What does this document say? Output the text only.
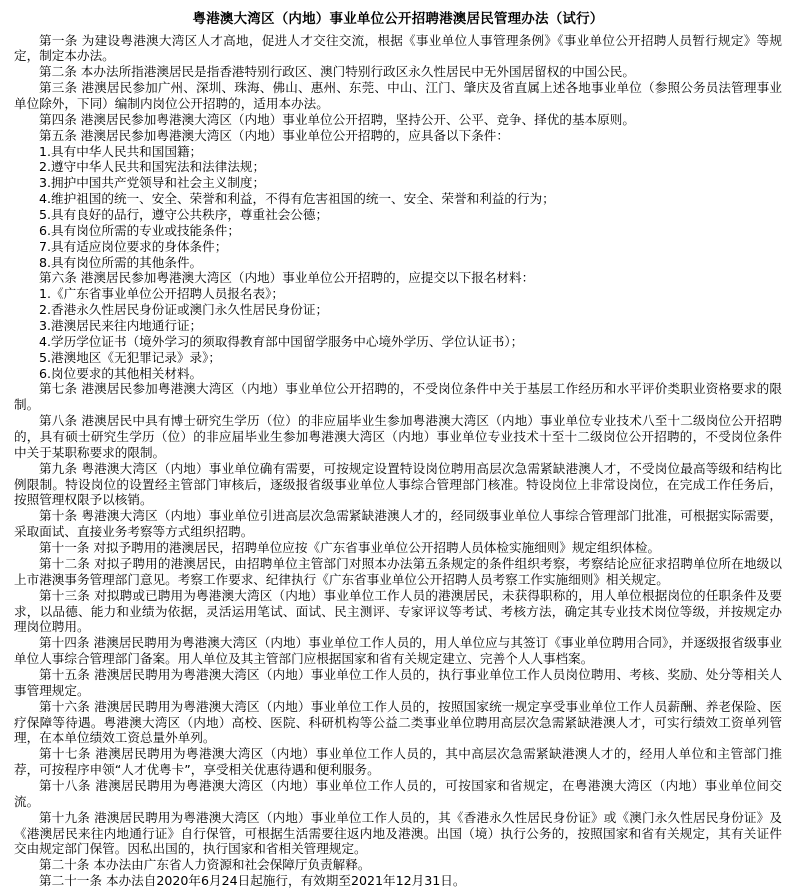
粤港澳大湾区（内地）事业单位公开招聘港澳居民管理办法（试行）

第一条 为建设粤港澳大湾区人才高地，促进人才交往交流，根据《事业单位人事管理条例》《事业单位公开招聘人员暂行规定》等规定，制定本办法。

第二条 本办法所指港澳居民是指香港特别行政区、澳门特别行政区永久性居民中无外国居留权的中国公民。

第三条 港澳居民参加广州、深圳、珠海、佛山、惠州、东莞、中山、江门、肇庆及省直属上述各地事业单位（参照公务员法管理事业单位除外，下同）编制内岗位公开招聘的，适用本办法。

第四条 港澳居民参加粤港澳大湾区（内地）事业单位公开招聘，坚持公开、公平、竞争、择优的基本原则。

第五条 港澳居民参加粤港澳大湾区（内地）事业单位公开招聘的，应具备以下条件：

1.具有中华人民共和国国籍；

2.遵守中华人民共和国宪法和法律法规；

3.拥护中国共产党领导和社会主义制度；

4.维护祖国的统一、安全、荣誉和利益，不得有危害祖国的统一、安全、荣誉和利益的行为；

5.具有良好的品行，遵守公共秩序，尊重社会公德；

6.具有岗位所需的专业或技能条件；

7.具有适应岗位要求的身体条件；

8.具有岗位所需的其他条件。

第六条 港澳居民参加粤港澳大湾区（内地）事业单位公开招聘的，应提交以下报名材料：

1.《广东省事业单位公开招聘人员报名表》；

2.香港永久性居民身份证或澳门永久性居民身份证；

3.港澳居民来往内地通行证；

4.学历学位证书（境外学习的须取得教育部中国留学服务中心境外学历、学位认证书）；

5.港澳地区《无犯罪记录》录》；

6.岗位要求的其他相关材料。

第七条 港澳居民参加粤港澳大湾区（内地）事业单位公开招聘的，不受岗位条件中关于基层工作经历和水平评价类职业资格要求的限制。

第八条 港澳居民中具有博士研究生学历（位）的非应届毕业生参加粤港澳大湾区（内地）事业单位专业技术八至十二级岗位公开招聘的，具有硕士研究生学历（位）的非应届毕业生参加粤港澳大湾区（内地）事业单位专业技术十至十二级岗位公开招聘的，不受岗位条件中关于某职称要求的限制。

第九条 粤港澳大湾区（内地）事业单位确有需要，可按规定设置特设岗位聘用高层次急需紧缺港澳人才，不受岗位最高等级和结构比例限制。特设岗位的设置经主管部门审核后，逐级报省级事业单位人事综合管理部门核准。特设岗位上非常设岗位，在完成工作任务后，按照管理权限予以核销。

第十条 粤港澳大湾区（内地）事业单位引进高层次急需紧缺港澳人才的，经同级事业单位人事综合管理部门批准，可根据实际需要，采取面试、直接业务考察等方式组织招聘。

第十一条 对拟予聘用的港澳居民，招聘单位应按《广东省事业单位公开招聘人员体检实施细则》规定组织体检。

第十二条 对拟子聘用的港澳居民，由招聘单位主管部门对照本办法第五条规定的条件组织考察，考察结论应征求招聘单位所在地级以上市港澳事务管理部门意见。考察工作要求、纪律执行《广东省事业单位公开招聘人员考察工作实施细则》相关规定。

第十三条 对拟聘或已聘用为粤港澳大湾区（内地）事业单位工作人员的港澳居民，未获得职称的，用人单位根据岗位的任职条件及要求，以品德、能力和业绩为依据，灵活运用笔试、面试、民主测评、专家评议等考试、考核方法，确定其专业技术岗位等级，并按规定办理岗位聘用。

第十四条 港澳居民聘用为粤港澳大湾区（内地）事业单位工作人员的，用人单位应与其签订《事业单位聘用合同》，并逐级报省级事业单位人事综合管理部门备案。用人单位及其主管部门应根据国家和省有关规定建立、完善个人人事档案。

第十五条 港澳居民聘用为粤港澳大湾区（内地）事业单位工作人员的，执行事业单位工作人员岗位聘用、考核、奖励、处分等相关人事管理规定。

第十六条 港澳居民聘用为粤港澳大湾区（内地）事业单位工作人员的，按照国家统一规定享受事业单位工作人员薪酬、养老保险、医疗保障等待遇。粤港澳大湾区（内地）高校、医院、科研机构等公益二类事业单位聘用高层次急需紧缺港澳人才，可实行绩效工资单列管理，在本单位绩效工资总量外单列。

第十七条 港澳居民聘用为粤港澳大湾区（内地）事业单位工作人员的，其中高层次急需紧缺港澳人才的，经用人单位和主管部门推荐，可按程序申领“人才优粤卡”，享受相关优惠待遇和便利服务。

第十八条 港澳居民聘用为粤港澳大湾区（内地）事业单位工作人员的，可按国家和省规定，在粤港澳大湾区（内地）事业单位间交流。

第十九条 港澳居民聘用为粤港澳大湾区（内地）事业单位工作人员的，其《香港永久性居民身份证》或《澳门永久性居民身份证》及《港澳居民来往内地通行证》自行保管，可根据生活需要往返内地及港澳。出国（境）执行公务的，按照国家和省有关规定，其有关证件交由规定部门保管。因私出国的，执行国家和省相关管理规定。

第二十条 本办法由广东省人力资源和社会保障厅负责解释。

第二十一条 本办法自2020年6月24日起施行，有效期至2021年12月31日。
